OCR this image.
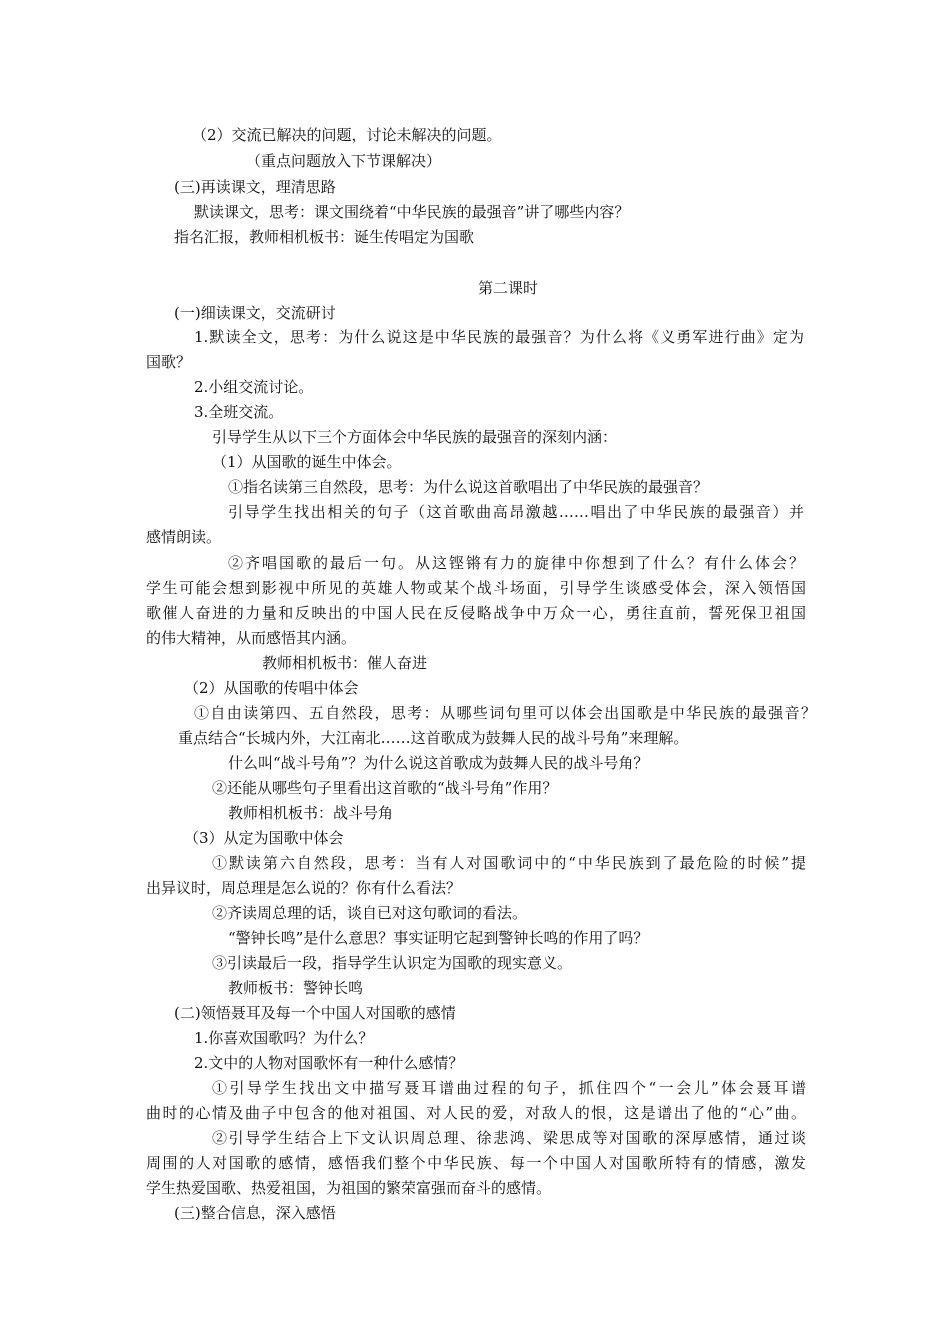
（2）交流已解决的问题，讨论未解决的问题。
（重点问题放入下节课解决）
(三)再读课文，理清思路
默读课文，思考：课文围绕着“中华民族的最强音”讲了哪些内容？
指名汇报，教师相机板书：诞生传唱定为国歌
第二课时
(一)细读课文，交流研讨
1.默读全文，思考：为什么说这是中华民族的最强音？为什么将《义勇军进行曲》定为
国歌？
2.小组交流讨论。
3.全班交流。
引导学生从以下三个方面体会中华民族的最强音的深刻内涵：
（1）从国歌的诞生中体会。
①指名读第三自然段，思考：为什么说这首歌唱出了中华民族的最强音？
引导学生找出相关的句子（这首歌曲高昂激越……唱出了中华民族的最强音）并
感情朗读。
②齐唱国歌的最后一句。从这铿锵有力的旋律中你想到了什么？有什么体会？
学生可能会想到影视中所见的英雄人物或某个战斗场面，引导学生谈感受体会，深入领悟国
歌催人奋进的力量和反映出的中国人民在反侵略战争中万众一心，勇往直前，誓死保卫祖国
的伟大精神，从而感悟其内涵。
教师相机板书：催人奋进
（2）从国歌的传唱中体会
①自由读第四、五自然段，思考：从哪些词句里可以体会出国歌是中华民族的最强音？
重点结合“长城内外，大江南北……这首歌成为鼓舞人民的战斗号角”来理解。
什么叫“战斗号角”？为什么说这首歌成为鼓舞人民的战斗号角？
②还能从哪些句子里看出这首歌的“战斗号角”作用？
教师相机板书：战斗号角
（3）从定为国歌中体会
①默读第六自然段，思考：当有人对国歌词中的“中华民族到了最危险的时候”提
出异议时，周总理是怎么说的？你有什么看法？
②齐读周总理的话，谈自已对这句歌词的看法。
“警钟长鸣”是什么意思？事实证明它起到警钟长鸣的作用了吗？
③引读最后一段，指导学生认识定为国歌的现实意义。
教师板书：警钟长鸣
(二)领悟聂耳及每一个中国人对国歌的感情
1.你喜欢国歌吗？为什么？
2.文中的人物对国歌怀有一种什么感情？
①引导学生找出文中描写聂耳谱曲过程的句子，抓住四个“一会儿”体会聂耳谱
曲时的心情及曲子中包含的他对祖国、对人民的爱，对敌人的恨，这是谱出了他的“心”曲。
②引导学生结合上下文认识周总理、徐悲鸿、梁思成等对国歌的深厚感情，通过谈
周围的人对国歌的感情，感悟我们整个中华民族、每一个中国人对国歌所特有的情感，激发
学生热爱国歌、热爱祖国，为祖国的繁荣富强而奋斗的感情。
(三)整合信息，深入感悟
